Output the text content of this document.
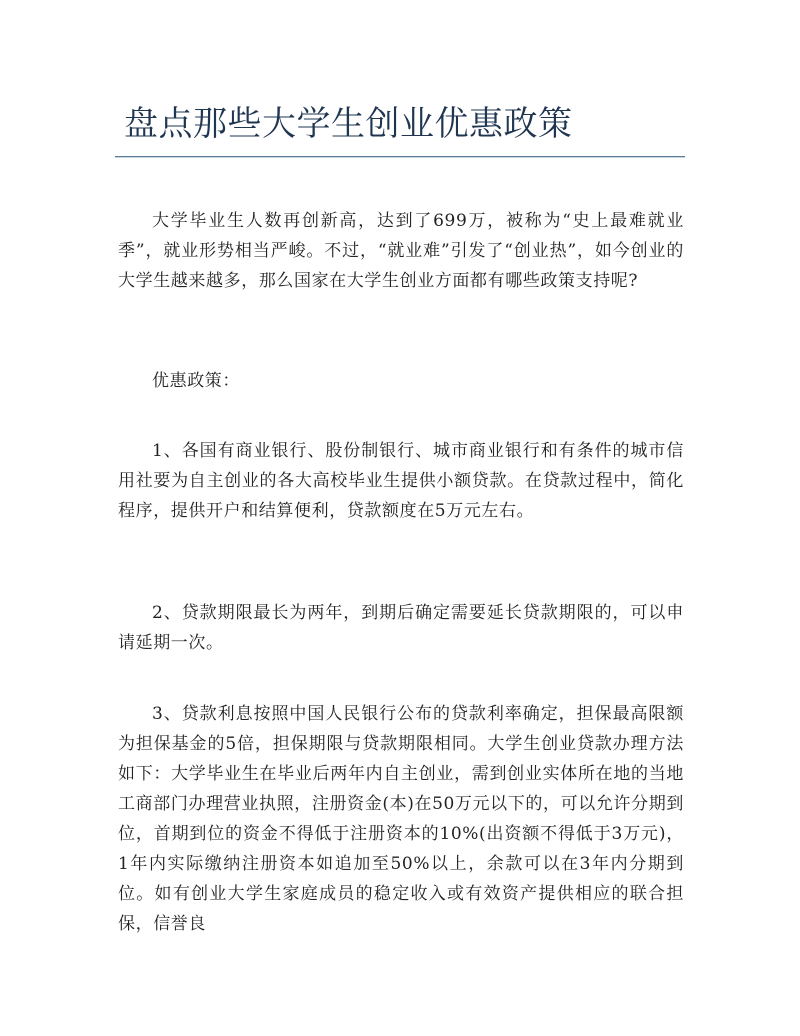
盘点那些大学生创业优惠政策

大学毕业生人数再创新高，达到了699万，被称为“史上最难就业季”，就业形势相当严峻。不过，“就业难”引发了“创业热”，如今创业的大学生越来越多，那么国家在大学生创业方面都有哪些政策支持呢?

优惠政策：

1、各国有商业银行、股份制银行、城市商业银行和有条件的城市信用社要为自主创业的各大高校毕业生提供小额贷款。在贷款过程中，简化程序，提供开户和结算便利，贷款额度在5万元左右。

2、贷款期限最长为两年，到期后确定需要延长贷款期限的，可以申请延期一次。

3、贷款利息按照中国人民银行公布的贷款利率确定，担保最高限额为担保基金的5倍，担保期限与贷款期限相同。大学生创业贷款办理方法如下：大学毕业生在毕业后两年内自主创业，需到创业实体所在地的当地工商部门办理营业执照，注册资金(本)在50万元以下的，可以允许分期到位，首期到位的资金不得低于注册资本的10%(出资额不得低于3万元)，1年内实际缴纳注册资本如追加至50%以上，余款可以在3年内分期到位。如有创业大学生家庭成员的稳定收入或有效资产提供相应的联合担保，信誉良
